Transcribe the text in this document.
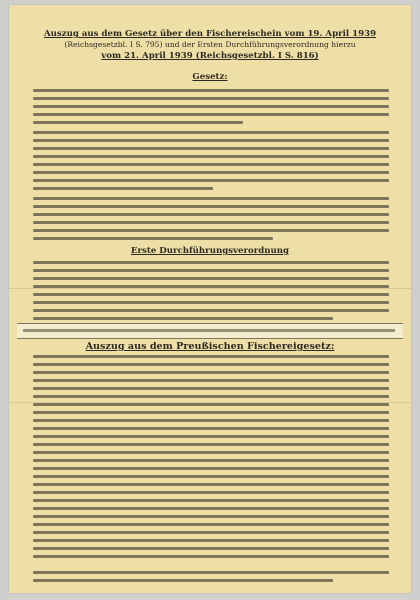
Auszug aus dem Gesetz über den Fischereischein vom 19. April 1939
(Reichsgesetzbl. I S. 795) und der Ersten Durchführungsverordnung hierzu
vom 21. April 1939 (Reichsgesetzbl. I S. 816)
Gesetz:
Erste Durchführungsverordnung
Auszug aus dem Preußischen Fischereigesetz:
